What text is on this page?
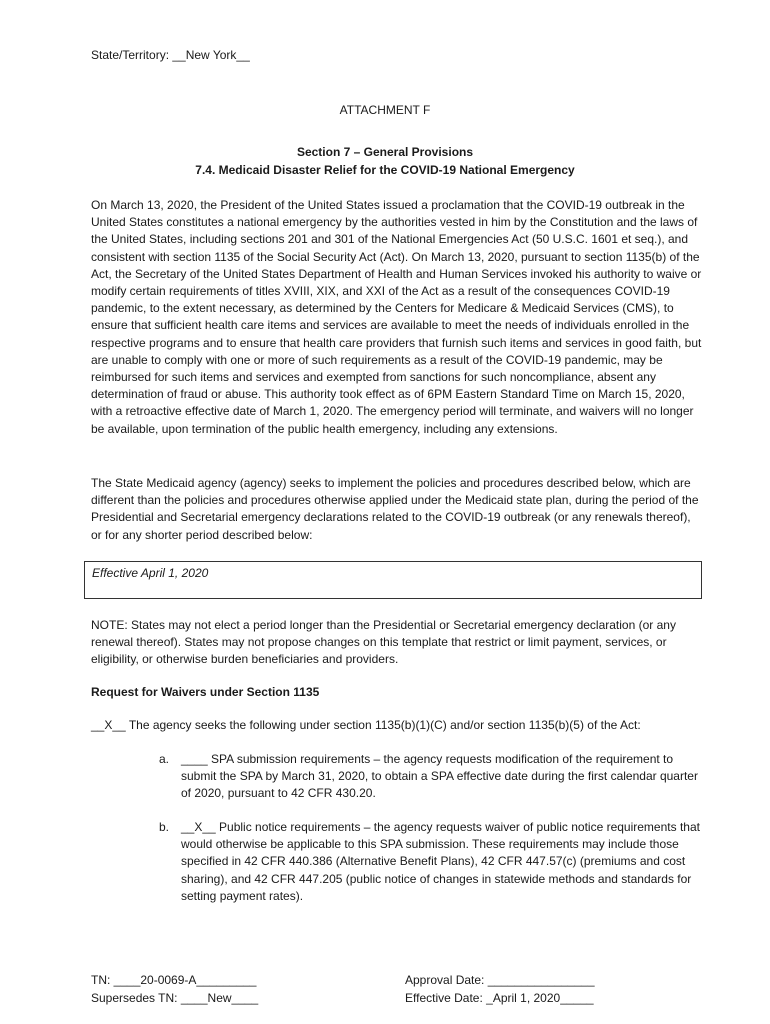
State/Territory: __New York__
ATTACHMENT F
Section 7 – General Provisions
7.4. Medicaid Disaster Relief for the COVID-19 National Emergency
On March 13, 2020, the President of the United States issued a proclamation that the COVID-19 outbreak in the United States constitutes a national emergency by the authorities vested in him by the Constitution and the laws of the United States, including sections 201 and 301 of the National Emergencies Act (50 U.S.C. 1601 et seq.), and consistent with section 1135 of the Social Security Act (Act). On March 13, 2020, pursuant to section 1135(b) of the Act, the Secretary of the United States Department of Health and Human Services invoked his authority to waive or modify certain requirements of titles XVIII, XIX, and XXI of the Act as a result of the consequences COVID-19 pandemic, to the extent necessary, as determined by the Centers for Medicare & Medicaid Services (CMS), to ensure that sufficient health care items and services are available to meet the needs of individuals enrolled in the respective programs and to ensure that health care providers that furnish such items and services in good faith, but are unable to comply with one or more of such requirements as a result of the COVID-19 pandemic, may be reimbursed for such items and services and exempted from sanctions for such noncompliance, absent any determination of fraud or abuse. This authority took effect as of 6PM Eastern Standard Time on March 15, 2020, with a retroactive effective date of March 1, 2020. The emergency period will terminate, and waivers will no longer be available, upon termination of the public health emergency, including any extensions.
The State Medicaid agency (agency) seeks to implement the policies and procedures described below, which are different than the policies and procedures otherwise applied under the Medicaid state plan, during the period of the Presidential and Secretarial emergency declarations related to the COVID-19 outbreak (or any renewals thereof), or for any shorter period described below:
Effective April 1, 2020
NOTE: States may not elect a period longer than the Presidential or Secretarial emergency declaration (or any renewal thereof). States may not propose changes on this template that restrict or limit payment, services, or eligibility, or otherwise burden beneficiaries and providers.
Request for Waivers under Section 1135
__X__ The agency seeks the following under section 1135(b)(1)(C) and/or section 1135(b)(5) of the Act:
a. ____ SPA submission requirements – the agency requests modification of the requirement to submit the SPA by March 31, 2020, to obtain a SPA effective date during the first calendar quarter of 2020, pursuant to 42 CFR 430.20.
b. __X__ Public notice requirements – the agency requests waiver of public notice requirements that would otherwise be applicable to this SPA submission. These requirements may include those specified in 42 CFR 440.386 (Alternative Benefit Plans), 42 CFR 447.57(c) (premiums and cost sharing), and 42 CFR 447.205 (public notice of changes in statewide methods and standards for setting payment rates).
TN: ____20-0069-A_________
Supersedes TN: ____New____
Approval Date: ________________
Effective Date: _April 1, 2020_____
